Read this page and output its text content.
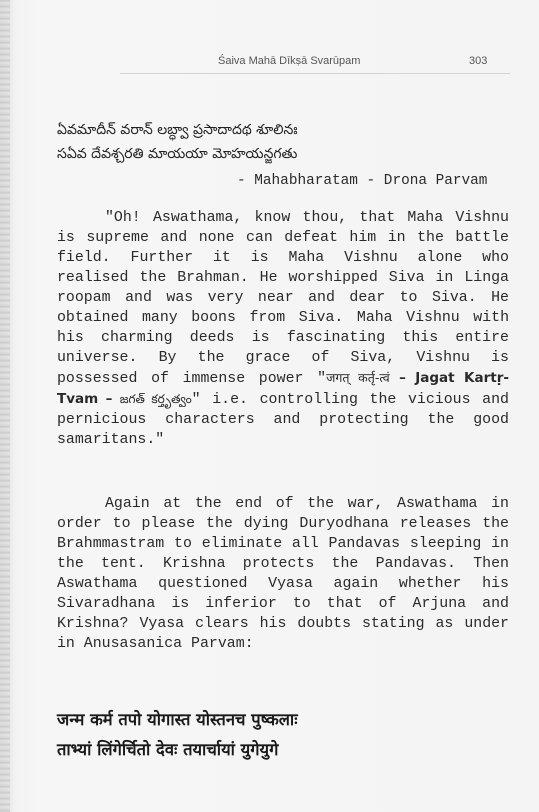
Śaiva Mahā Dīkṣā Svarūpam	303
ఏవమాదీన్ వరాన్ లబ్ధ్వా ప్రసాదాదథ శూలినః
సఏవ దేవశ్చరతి మాయయా మోహయన్జగతు
- Mahabharatam - Drona Parvam

"Oh! Aswathama, know thou, that Maha Vishnu is supreme and none can defeat him in the battle field. Further it is Maha Vishnu alone who realised the Brahman. He worshipped Siva in Linga roopam and was very near and dear to Siva. He obtained many boons from Siva. Maha Vishnu with his charming deeds is fascinating this entire universe. By the grace of Siva, Vishnu is possessed of immense power "जगत् कर्तृ-त्वं – Jagat Kartṛ-Tvam – జగత్ కర్తృత్వం" i.e. controlling the vicious and pernicious characters and protecting the good samaritans."

Again at the end of the war, Aswathama in order to please the dying Duryodhana releases the Brahmmastram to eliminate all Pandavas sleeping in the tent. Krishna protects the Pandavas. Then Aswathama questioned Vyasa again whether his Sivaradhana is inferior to that of Arjuna and Krishna? Vyasa clears his doubts stating as under in Anusasanica Parvam:

जन्म कर्म तपो योगास्त योस्तनच पुष्कलाः
ताभ्यां लिंगेर्चितो देवः तयार्चायां युगेयुगे
